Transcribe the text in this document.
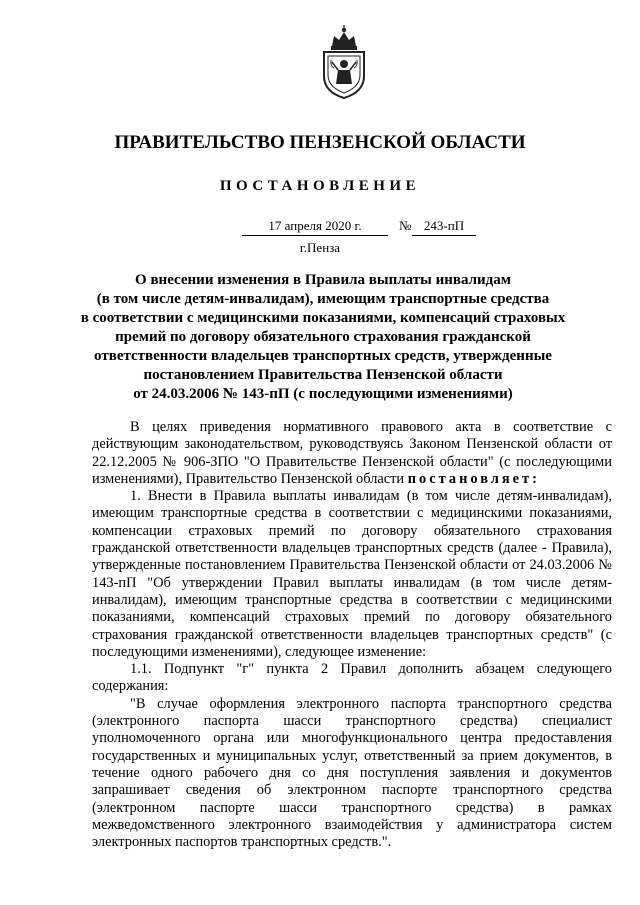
ПРАВИТЕЛЬСТВО ПЕНЗЕНСКОЙ ОБЛАСТИ
ПОСТАНОВЛЕНИЕ
17 апреля 2020 г.	№ 243-пП
г.Пенза
О внесении изменения в Правила выплаты инвалидам
(в том числе детям-инвалидам), имеющим транспортные средства
в соответствии с медицинскими показаниями, компенсаций страховых
премий по договору обязательного страхования гражданской
ответственности владельцев транспортных средств, утвержденные
постановлением Правительства Пензенской области
от 24.03.2006 № 143-пП (с последующими изменениями)

В целях приведения нормативного правового акта в соответствие с действующим законодательством, руководствуясь Законом Пензенской области от 22.12.2005 № 906-ЗПО "О Правительстве Пензенской области" (с последующими изменениями), Правительство Пензенской области постановляет:

1. Внести в Правила выплаты инвалидам (в том числе детям-инвалидам), имеющим транспортные средства в соответствии с медицинскими показаниями, компенсации страховых премий по договору обязательного страхования гражданской ответственности владельцев транспортных средств (далее - Правила), утвержденные постановлением Правительства Пензенской области от 24.03.2006 № 143-пП "Об утверждении Правил выплаты инвалидам (в том числе детям-инвалидам), имеющим транспортные средства в соответствии с медицинскими показаниями, компенсаций страховых премий по договору обязательного страхования гражданской ответственности владельцев транспортных средств" (с последующими изменениями), следующее изменение:

1.1. Подпункт "г" пункта 2 Правил дополнить абзацем следующего содержания:

"В случае оформления электронного паспорта транспортного средства (электронного паспорта шасси транспортного средства) специалист уполномоченного органа или многофункционального центра предоставления государственных и муниципальных услуг, ответственный за прием документов, в течение одного рабочего дня со дня поступления заявления и документов запрашивает сведения об электронном паспорте транспортного средства (электронном паспорте шасси транспортного средства) в рамках межведомственного электронного взаимодействия у администратора систем электронных паспортов транспортных средств.".
